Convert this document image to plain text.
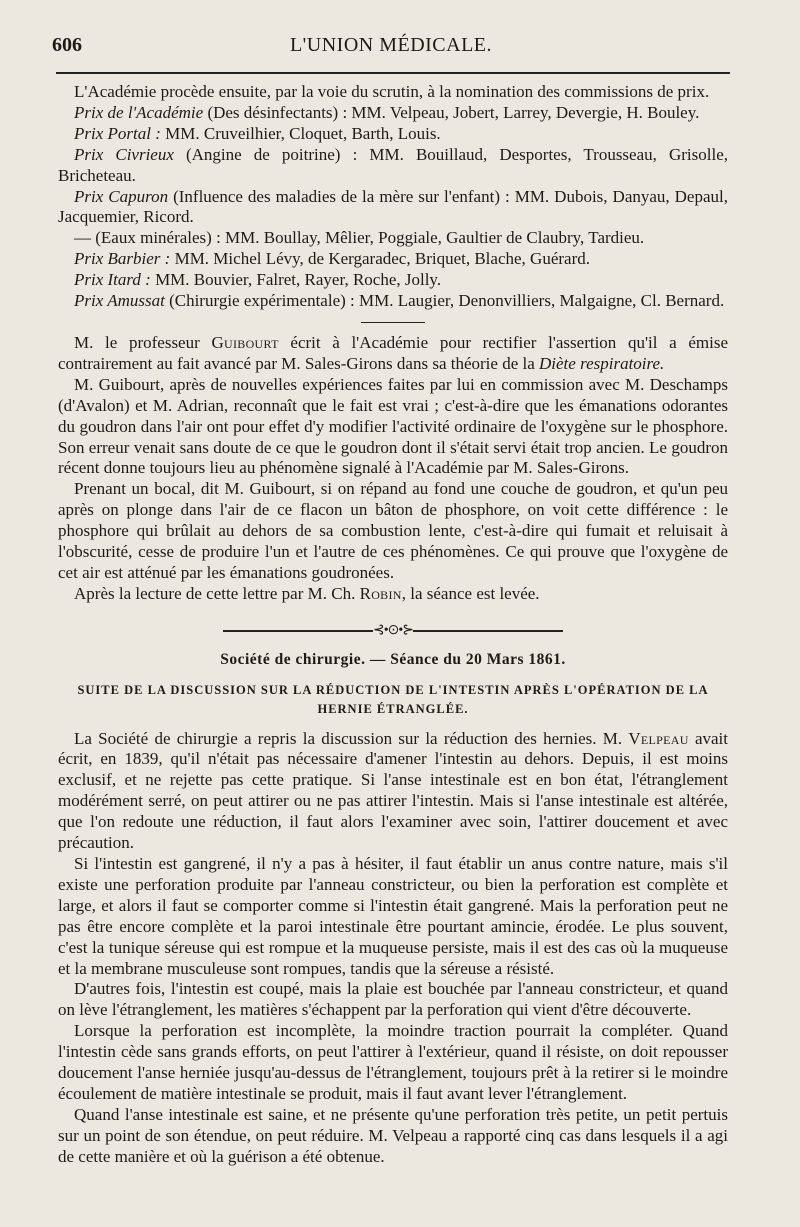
606	L'UNION MÉDICALE.

L'Académie procède ensuite, par la voie du scrutin, à la nomination des commissions de prix.

Prix de l'Académie (Des désinfectants) : MM. Velpeau, Jobert, Larrey, Devergie, H. Bouley.

Prix Portal : MM. Cruveilhier, Cloquet, Barth, Louis.

Prix Civrieux (Angine de poitrine) : MM. Bouillaud, Desportes, Trousseau, Grisolle, Bricheteau.

Prix Capuron (Influence des maladies de la mère sur l'enfant) : MM. Dubois, Danyau, Depaul, Jacquemier, Ricord.

— (Eaux minérales) : MM. Boullay, Mêlier, Poggiale, Gaultier de Claubry, Tardieu.

Prix Barbier : MM. Michel Lévy, de Kergaradec, Briquet, Blache, Guérard.

Prix Itard : MM. Bouvier, Falret, Rayer, Roche, Jolly.

Prix Amussat (Chirurgie expérimentale) : MM. Laugier, Denonvilliers, Malgaigne, Cl. Bernard.

M. le professeur Guibourt écrit à l'Académie pour rectifier l'assertion qu'il a émise contrairement au fait avancé par M. Sales-Girons dans sa théorie de la Diète respiratoire.

M. Guibourt, après de nouvelles expériences faites par lui en commission avec M. Deschamps (d'Avalon) et M. Adrian, reconnaît que le fait est vrai ; c'est-à-dire que les émanations odorantes du goudron dans l'air ont pour effet d'y modifier l'activité ordinaire de l'oxygène sur le phosphore. Son erreur venait sans doute de ce que le goudron dont il s'était servi était trop ancien. Le goudron récent donne toujours lieu au phénomène signalé à l'Académie par M. Sales-Girons.

Prenant un bocal, dit M. Guibourt, si on répand au fond une couche de goudron, et qu'un peu après on plonge dans l'air de ce flacon un bâton de phosphore, on voit cette différence : le phosphore qui brûlait au dehors de sa combustion lente, c'est-à-dire qui fumait et reluisait à l'obscurité, cesse de produire l'un et l'autre de ces phénomènes. Ce qui prouve que l'oxygène de cet air est atténué par les émanations goudronées.

Après la lecture de cette lettre par M. Ch. Robin, la séance est levée.

⊰•⊙•⊱
Société de chirurgie. — Séance du 20 Mars 1861.
SUITE DE LA DISCUSSION SUR LA RÉDUCTION DE L'INTESTIN APRÈS L'OPÉRATION DE LA HERNIE ÉTRANGLÉE.

La Société de chirurgie a repris la discussion sur la réduction des hernies. M. Velpeau avait écrit, en 1839, qu'il n'était pas nécessaire d'amener l'intestin au dehors. Depuis, il est moins exclusif, et ne rejette pas cette pratique. Si l'anse intestinale est en bon état, l'étranglement modérément serré, on peut attirer ou ne pas attirer l'intestin. Mais si l'anse intestinale est altérée, que l'on redoute une réduction, il faut alors l'examiner avec soin, l'attirer doucement et avec précaution.

Si l'intestin est gangrené, il n'y a pas à hésiter, il faut établir un anus contre nature, mais s'il existe une perforation produite par l'anneau constricteur, ou bien la perforation est complète et large, et alors il faut se comporter comme si l'intestin était gangrené. Mais la perforation peut ne pas être encore complète et la paroi intestinale être pourtant amincie, érodée. Le plus souvent, c'est la tunique séreuse qui est rompue et la muqueuse persiste, mais il est des cas où la muqueuse et la membrane musculeuse sont rompues, tandis que la séreuse a résisté.

D'autres fois, l'intestin est coupé, mais la plaie est bouchée par l'anneau constricteur, et quand on lève l'étranglement, les matières s'échappent par la perforation qui vient d'être découverte.

Lorsque la perforation est incomplète, la moindre traction pourrait la compléter. Quand l'intestin cède sans grands efforts, on peut l'attirer à l'extérieur, quand il résiste, on doit repousser doucement l'anse herniée jusqu'au-dessus de l'étranglement, toujours prêt à la retirer si le moindre écoulement de matière intestinale se produit, mais il faut avant lever l'étranglement.

Quand l'anse intestinale est saine, et ne présente qu'une perforation très petite, un petit pertuis sur un point de son étendue, on peut réduire. M. Velpeau a rapporté cinq cas dans lesquels il a agi de cette manière et où la guérison a été obtenue.
